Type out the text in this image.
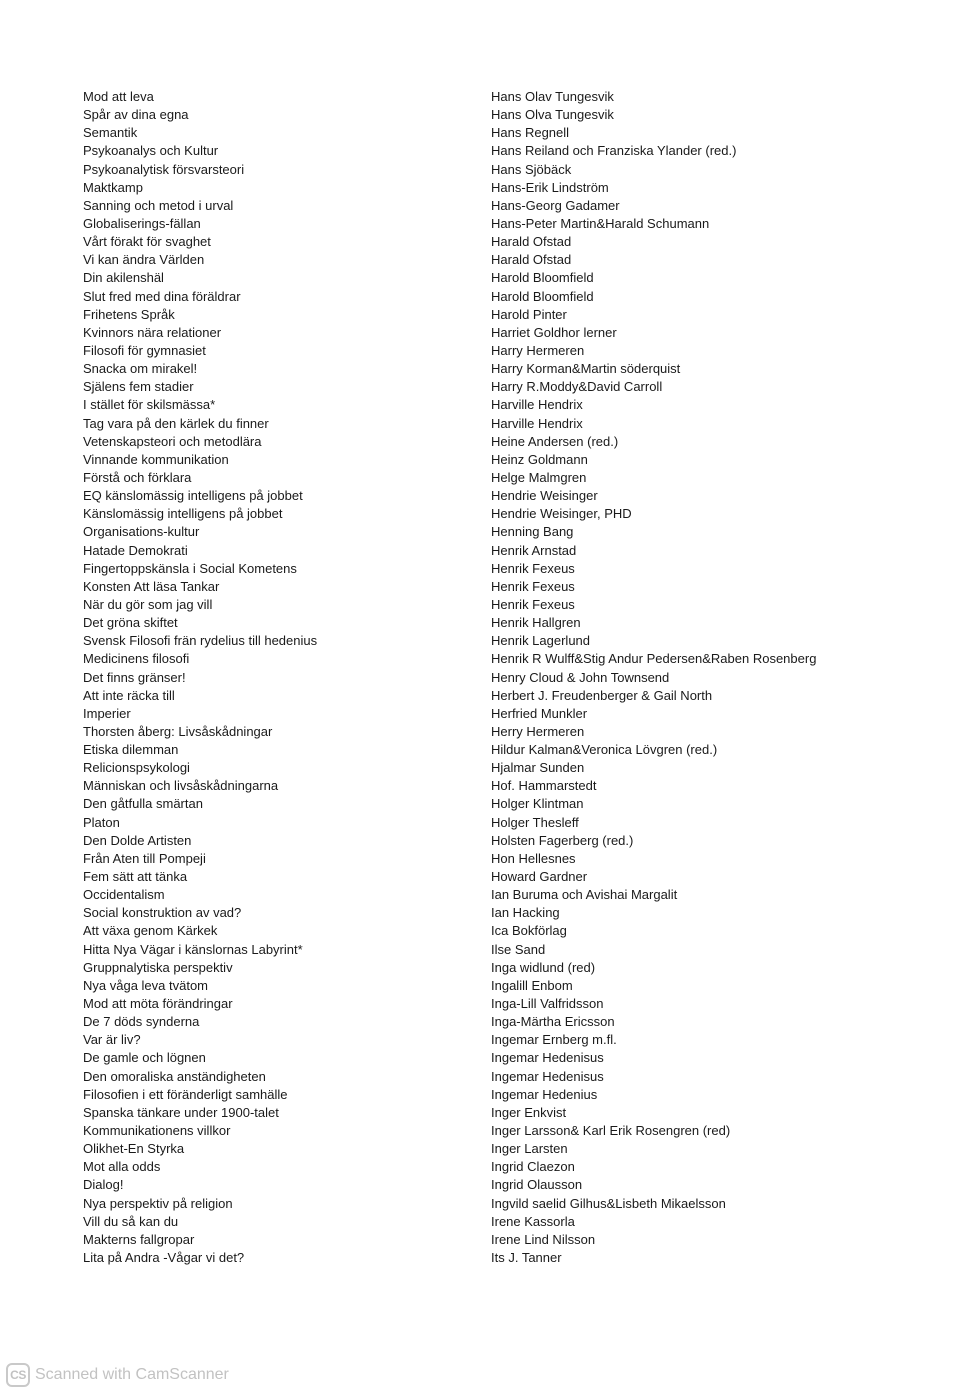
Mod att leva
Spår av dina egna
Semantik
Psykoanalys och Kultur
Psykoanalytisk försvarsteori
Maktkamp
Sanning och metod i urval
Globaliserings-fällan
Vårt förakt för svaghet
Vi kan ändra Världen
Din akilenshäl
Slut fred med dina föräldrar
Frihetens Språk
Kvinnors nära relationer
Filosofi för gymnasiet
Snacka om mirakel!
Själens fem stadier
I stället för skilsmässa*
Tag vara på den kärlek du finner
Vetenskapsteori och metodlära
Vinnande kommunikation
Förstå och förklara
EQ känslomässig intelligens på jobbet
Känslomässig intelligens på jobbet
Organisations-kultur
Hatade Demokrati
Fingertoppskänsla i Social Kometens
Konsten Att läsa Tankar
När du gör som jag vill
Det gröna skiftet
Svensk Filosofi frän rydelius till hedenius
Medicinens filosofi
Det finns gränser!
Att inte räcka till
Imperier
Thorsten åberg: Livsåskådningar
Etiska dilemman
Relicionspsykologi
Människan och livsåskådningarna
Den gåtfulla smärtan
Platon
Den Dolde Artisten
Från Aten till Pompeji
Fem sätt att tänka
Occidentalism
Social konstruktion av vad?
Att växa genom Kärkek
Hitta Nya Vägar i känslornas Labyrint*
Gruppnalytiska perspektiv
Nya våga leva tvätom
Mod att möta förändringar
De 7 döds synderna
Var är liv?
De gamle och lögnen
Den omoraliska anständigheten
Filosofien i ett föränderligt samhälle
Spanska tänkare under 1900-talet
Kommunikationens villkor
Olikhet-En Styrka
Mot alla odds
Dialog!
Nya perspektiv på religion
Vill du så kan du
Makterns fallgropar
Lita på Andra -Vågar vi det?
Hans Olav Tungesvik
Hans Olva Tungesvik
Hans Regnell
Hans Reiland och Franziska Ylander (red.)
Hans Sjöbäck
Hans-Erik Lindström
Hans-Georg Gadamer
Hans-Peter Martin&Harald Schumann
Harald Ofstad
Harald Ofstad
Harold Bloomfield
Harold Bloomfield
Harold Pinter
Harriet Goldhor lerner
Harry Hermeren
Harry Korman&Martin söderquist
Harry R.Moddy&David Carroll
Harville Hendrix
Harville Hendrix
Heine Andersen (red.)
Heinz Goldmann
Helge Malmgren
Hendrie Weisinger
Hendrie Weisinger, PHD
Henning Bang
Henrik Arnstad
Henrik Fexeus
Henrik Fexeus
Henrik Fexeus
Henrik Hallgren
Henrik Lagerlund
Henrik R Wulff&Stig Andur Pedersen&Raben Rosenberg
Henry Cloud & John Townsend
Herbert J. Freudenberger & Gail North
Herfried Munkler
Herry Hermeren
Hildur Kalman&Veronica Lövgren (red.)
Hjalmar Sunden
Hof. Hammarstedt
Holger Klintman
Holger Thesleff
Holsten Fagerberg (red.)
Hon Hellesnes
Howard Gardner
Ian Buruma och Avishai Margalit
Ian Hacking
Ica Bokförlag
Ilse Sand
Inga widlund (red)
Ingalill Enbom
Inga-Lill Valfridsson
Inga-Märtha Ericsson
Ingemar Ernberg m.fl.
Ingemar Hedenisus
Ingemar Hedenisus
Ingemar Hedenius
Inger Enkvist
Inger Larsson& Karl Erik Rosengren (red)
Inger Larsten
Ingrid Claezon
Ingrid Olausson
Ingvild saelid Gilhus&Lisbeth Mikaelsson
Irene Kassorla
Irene Lind Nilsson
Its J. Tanner
CS Scanned with CamScanner
